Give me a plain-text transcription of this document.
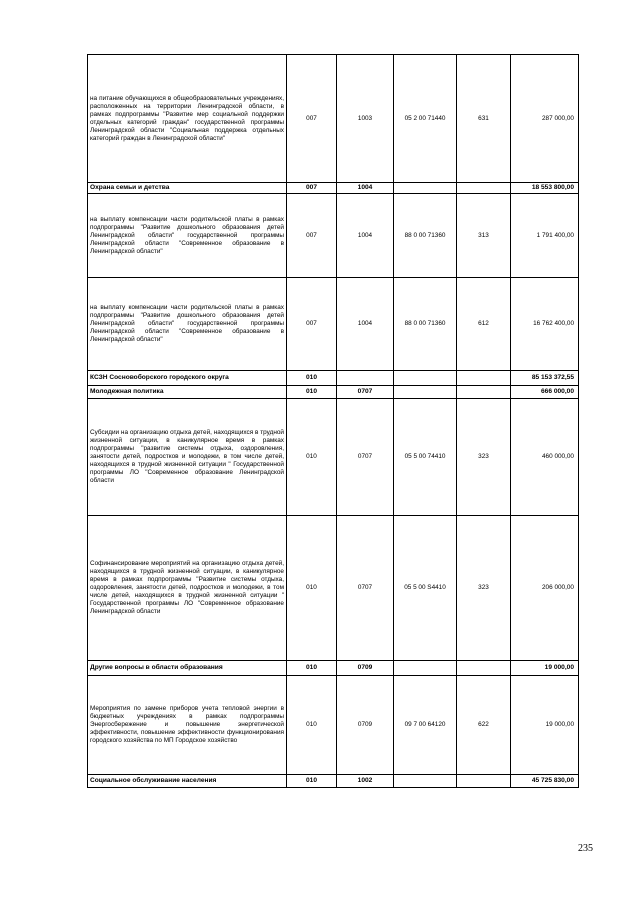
на питание обучающихся в общеобразовательных учреждениях, расположенных на территории Ленинградской области, в рамках подпрограммы "Развитие мер социальной поддержки отдельных категорий граждан" государственной программы Ленинградской области "Социальная поддержка отдельных категорий граждан в Ленинградской области"	007	1003	05 2 00 71440	631	287 000,00
Охрана семьи и детства	007	1004			18 553 800,00
на выплату компенсации части родительской платы в рамках подпрограммы "Развитие дошкольного образования детей Ленинградской области" государственной программы Ленинградской области "Современное образование в Ленинградской области"	007	1004	88 0 00 71360	313	1 791 400,00
на выплату компенсации части родительской платы в рамках подпрограммы "Развитие дошкольного образования детей Ленинградской области" государственной программы Ленинградской области "Современное образование в Ленинградской области"	007	1004	88 0 00 71360	612	16 762 400,00
КСЗН Сосновоборского городского округа	010				85 153 372,55
Молодежная политика	010	0707			666 000,00
Субсидии на организацию отдыха детей, находящихся в трудной жизненной ситуации, в каникулярное время в рамках подпрограммы "развитие системы отдыха, оздоровления, занятости детей, подростков и молодежи, в том числе детей, находящихся в трудной жизненной ситуации " Государственной программы ЛО "Современное образование Ленинградской области	010	0707	05 5 00 74410	323	460 000,00
Софинансирование мероприятий на организацию отдыха детей, находящихся в трудной жизненной ситуации, в каникулярное время в рамках подпрограммы "Развитие системы отдыха, оздоровления, занятости детей, подростков и молодежи, в том числе детей, находящихся в трудной жизненной ситуации " Государственной программы ЛО "Современное образование Ленинградской области	010	0707	05 5 00 S4410	323	206 000,00
Другие вопросы в области образования	010	0709			19 000,00
Мероприятия по замене приборов учета тепловой энергии в бюджетных учреждениях в рамках подпрограммы Энергосбережение и повышение энергетической эффективности, повышение эффективности функционирования городского хозяйства по МП Городское хозяйство	010	0709	09 7 00 64120	622	19 000,00
Социальное обслуживание населения	010	1002			45 725 830,00
235
